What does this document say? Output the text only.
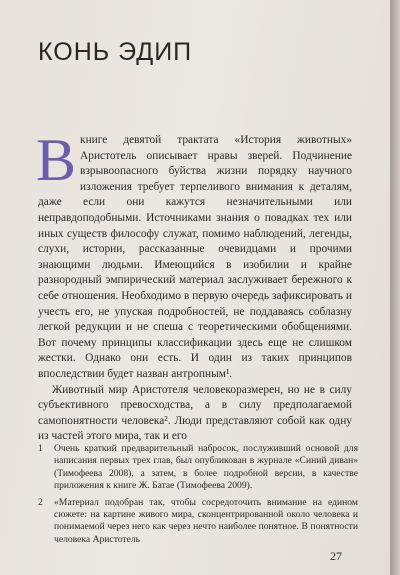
КОНЬ ЭДИП

В книге девятой трактата «История животных» Аристотель описывает нравы зверей. Подчинение взрывоопасного буйства жизни порядку научного изложения требует терпеливого внимания к деталям, даже если они кажутся незначительными или неправдоподобными. Источниками знания о повадках тех или иных существ философу служат, помимо наблюдений, легенды, слухи, истории, рассказанные очевидцами и прочими знающими людьми. Имеющийся в изобилии и крайне разнородный эмпирический материал заслуживает бережного к себе отношения. Необходимо в первую очередь зафиксировать и учесть его, не упуская подробностей, не поддаваясь соблазну легкой редукции и не спеша с теоретическими обобщениями. Вот почему принципы классификации здесь еще не слишком жестки. Однако они есть. И один из таких принципов впоследствии будет назван антропным¹.

Животный мир Аристотеля человекоразмерен, но не в силу субъективного превосходства, а в силу предполагаемой самопонятности человека². Люди представляют собой как одну из частей этого мира, так и его

1	Очень краткий предварительный набросок, послуживший основой для написания первых трех глав, был опубликован в журнале «Синий диван» (Тимофеева 2008), а затем, в более подробной версии, в качестве приложения к книге Ж. Батае (Тимофеева 2009).
2	«Материал подобран так, чтобы сосредоточить внимание на едином сюжете: на картине живого мира, сконцентрированной около человека и понимаемой через него как через нечто наиболее понятное. В понятности человека Аристотель
27
